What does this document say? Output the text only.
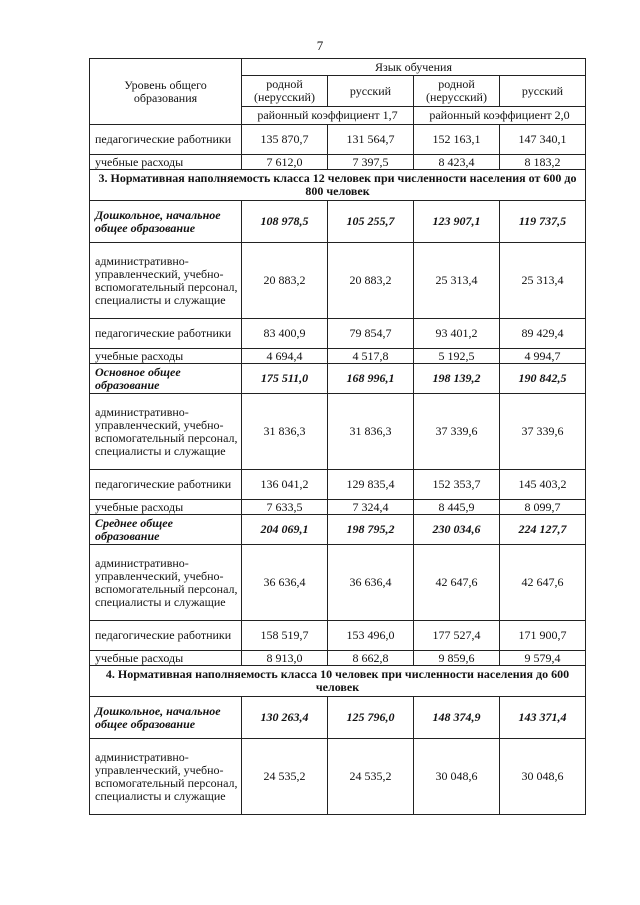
7
Уровень общего образования	Язык обучения			
	родной (нерусский)	русский	родной (нерусский)	русский
	районный коэффициент 1,7		районный коэффициент 2,0	
педагогические работники	135 870,7	131 564,7	152 163,1	147 340,1
учебные расходы	7 612,0	7 397,5	8 423,4	8 183,2
3. Нормативная наполняемость класса 12 человек при численности населения от 600 до 800 человек				
Дошкольное, начальное общее образование	108 978,5	105 255,7	123 907,1	119 737,5
административно-управленческий, учебно-вспомогательный персонал, специалисты и служащие	20 883,2	20 883,2	25 313,4	25 313,4
педагогические работники	83 400,9	79 854,7	93 401,2	89 429,4
учебные расходы	4 694,4	4 517,8	5 192,5	4 994,7
Основное общее образование	175 511,0	168 996,1	198 139,2	190 842,5
административно-управленческий, учебно-вспомогательный персонал, специалисты и служащие	31 836,3	31 836,3	37 339,6	37 339,6
педагогические работники	136 041,2	129 835,4	152 353,7	145 403,2
учебные расходы	7 633,5	7 324,4	8 445,9	8 099,7
Среднее общее образование	204 069,1	198 795,2	230 034,6	224 127,7
административно-управленческий, учебно-вспомогательный персонал, специалисты и служащие	36 636,4	36 636,4	42 647,6	42 647,6
педагогические работники	158 519,7	153 496,0	177 527,4	171 900,7
учебные расходы	8 913,0	8 662,8	9 859,6	9 579,4
4. Нормативная наполняемость класса 10 человек при численности населения до 600 человек				
Дошкольное, начальное общее образование	130 263,4	125 796,0	148 374,9	143 371,4
административно-управленческий, учебно-вспомогательный персонал, специалисты и служащие	24 535,2	24 535,2	30 048,6	30 048,6
